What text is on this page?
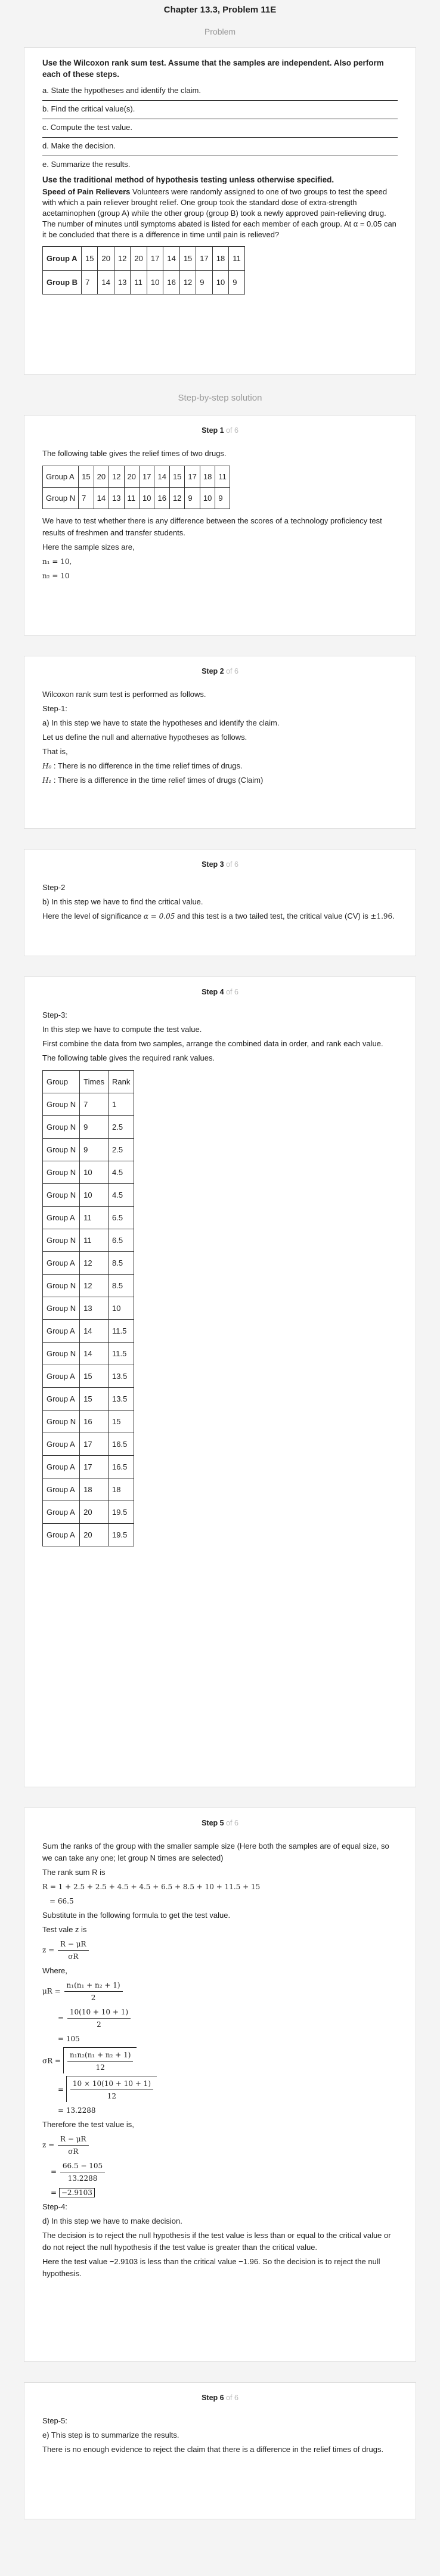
Chapter 13.3, Problem 11E
Problem
Use the Wilcoxon rank sum test. Assume that the samples are independent. Also perform each of these steps.
a. State the hypotheses and identify the claim.
b. Find the critical value(s).
c. Compute the test value.
d. Make the decision.
e. Summarize the results.
Use the traditional method of hypothesis testing unless otherwise specified.
Speed of Pain Relievers Volunteers were randomly assigned to one of two groups to test the speed with which a pain reliever brought relief. One group took the standard dose of extra-strength acetaminophen (group A) while the other group (group B) took a newly approved pain-relieving drug. The number of minutes until symptoms abated is listed for each member of each group. At α = 0.05 can it be concluded that there is a difference in time until pain is relieved?
Group A	15	20	12	20	17	14	15	17	18	11
Group B	7	14	13	11	10	16	12	9	10	9
Step-by-step solution
Step 1 of 6
The following table gives the relief times of two drugs.
Group A	15	20	12	20	17	14	15	17	18	11
Group N	7	14	13	11	10	16	12	9	10	9
We have to test whether there is any difference between the scores of a technology proficiency test results of freshmen and transfer students.
Here the sample sizes are,
n₁ = 10,
n₂ = 10
Step 2 of 6
Wilcoxon rank sum test is performed as follows.
Step-1:
a) In this step we have to state the hypotheses and identify the claim.
Let us define the null and alternative hypotheses as follows.
That is,
H₀ : There is no difference in the time relief times of drugs.
H₁ : There is a difference in the time relief times of drugs (Claim)
Step 3 of 6
Step-2
b) In this step we have to find the critical value.
Here the level of significance α = 0.05 and this test is a two tailed test, the critical value (CV) is ±1.96.
Step 4 of 6
Step-3:
In this step we have to compute the test value.
First combine the data from two samples, arrange the combined data in order, and rank each value.
The following table gives the required rank values.
Group	Times	Rank
Group N	7	1
Group N	9	2.5
Group N	9	2.5
Group N	10	4.5
Group N	10	4.5
Group A	11	6.5
Group N	11	6.5
Group A	12	8.5
Group N	12	8.5
Group N	13	10
Group A	14	11.5
Group N	14	11.5
Group A	15	13.5
Group A	15	13.5
Group N	16	15
Group A	17	16.5
Group A	17	16.5
Group A	18	18
Group A	20	19.5
Group A	20	19.5
Step 5 of 6
Sum the ranks of the group with the smaller sample size (Here both the samples are of equal size, so we can take any one; let group N times are selected)
The rank sum R is
R = 1 + 2.5 + 2.5 + 4.5 + 4.5 + 6.5 + 8.5 + 10 + 11.5 + 15
= 66.5
Substitute in the following formula to get the test value.
Test vale z is
$z = \frac{R - \mu R}{\sigma R}$
Where,
$\mu R = \frac{\text{n₁(n₁ + n₂ + 1)}}{2}$
= $\frac{10(10 + 10 + 1)}{2}$
= 105
$\sigma R = \frac{\text{n₁n₂(n₁ + n₂ + 1)}}{12}$
= $\frac{10 \times 10(10 + 10 + 1)}{12}$
= 13.2288
Therefore the test value is,
$z = \frac{R - \mu R}{\sigma R}$
= $\frac{66.5 - 105}{13.2288}$
= −2.9103
Step-4:
d) In this step we have to make decision.
The decision is to reject the null hypothesis if the test value is less than or equal to the critical value or do not reject the null hypothesis if the test value is greater than the critical value.
Here the test value −2.9103 is less than the critical value −1.96. So the decision is to reject the null hypothesis.
Step 6 of 6
Step-5:
e) This step is to summarize the results.
There is no enough evidence to reject the claim that there is a difference in the relief times of drugs.
